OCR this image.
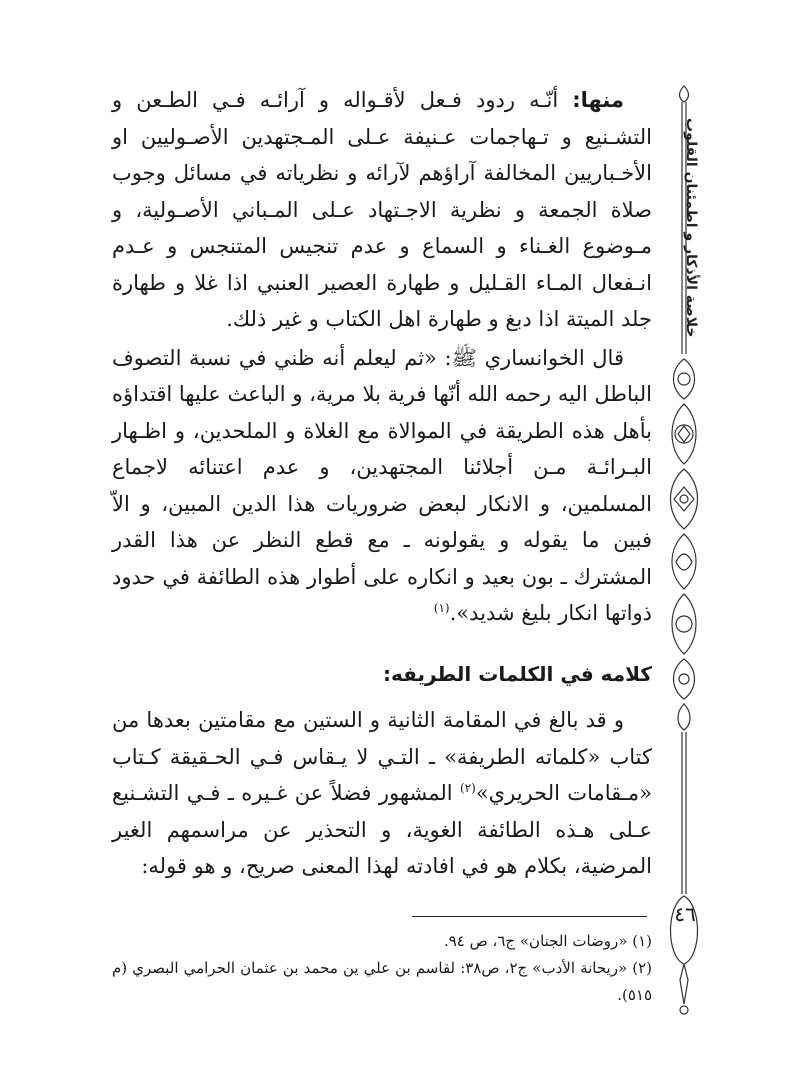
منها: أنّـه ردود فـعل لأقـواله و آرائـه فـي الطـعن و التشـنيع و تـهاجمات عـنيفة عـلى المـجتهدين الأصـوليين او الأخـباريين المخالفة آراؤهم لآرائه و نظرياته في مسائل وجوب صلاة الجمعة و نظرية الاجـتهاد عـلى المـباني الأصـولية، و مـوضوع الغـناء و السماع و عدم تنجيس المتنجس و عـدم انـفعال المـاء القـليل و طهارة العصير العنبي اذا غلا و طهارة جلد الميتة اذا دبغ و طهارة اهل الكتاب و غير ذلك.

قال الخوانساري ﷺ: «ثم ليعلم أنه ظني في نسبة التصوف الباطل اليه رحمه الله أنّها فرية بلا مرية، و الباعث عليها اقتداؤه بأهل هذه الطريقة في الموالاة مع الغلاة و الملحدين، و اظـهار البـرائـة مـن أجلائنا المجتهدين، و عدم اعتنائه لاجماع المسلمين، و الانكار لبعض ضروريات هذا الدين المبين، و الاّ فبين ما يقوله و يقولونه ـ مع قطع النظر عن هذا القدر المشترك ـ بون بعيد و انكاره على أطوار هذه الطائفة في حدود ذواتها انكار بليغ شديد».$^{(١)}$

كلامه في الكلمات الطريفه:

و قد بالغ في المقامة الثانية و الستين مع مقامتين بعدها من كتاب «كلماته الطريفة» ـ التـي لا يـقاس فـي الحـقيقة كـتاب «مـقامات الحريري»$^{(٢)}$ المشهور فضلاً عن غـيره ـ فـي التشـنيع عـلى هـذه الطائفة الغوية، و التحذير عن مراسمهم الغير المرضية، بكلام هو في افادته لهذا المعنى صريح، و هو قوله:

(١) «روضات الجنان» ج٦، ص ٩٤.

(٢) «ريحانة الأدب» ج٢، ص٣٨: لقاسم بن علي ين محمد بن عثمان الحرامي البصري (م ٥١٥).

خلاصة الأذكار و اطمئنان القلوب
٤٦
